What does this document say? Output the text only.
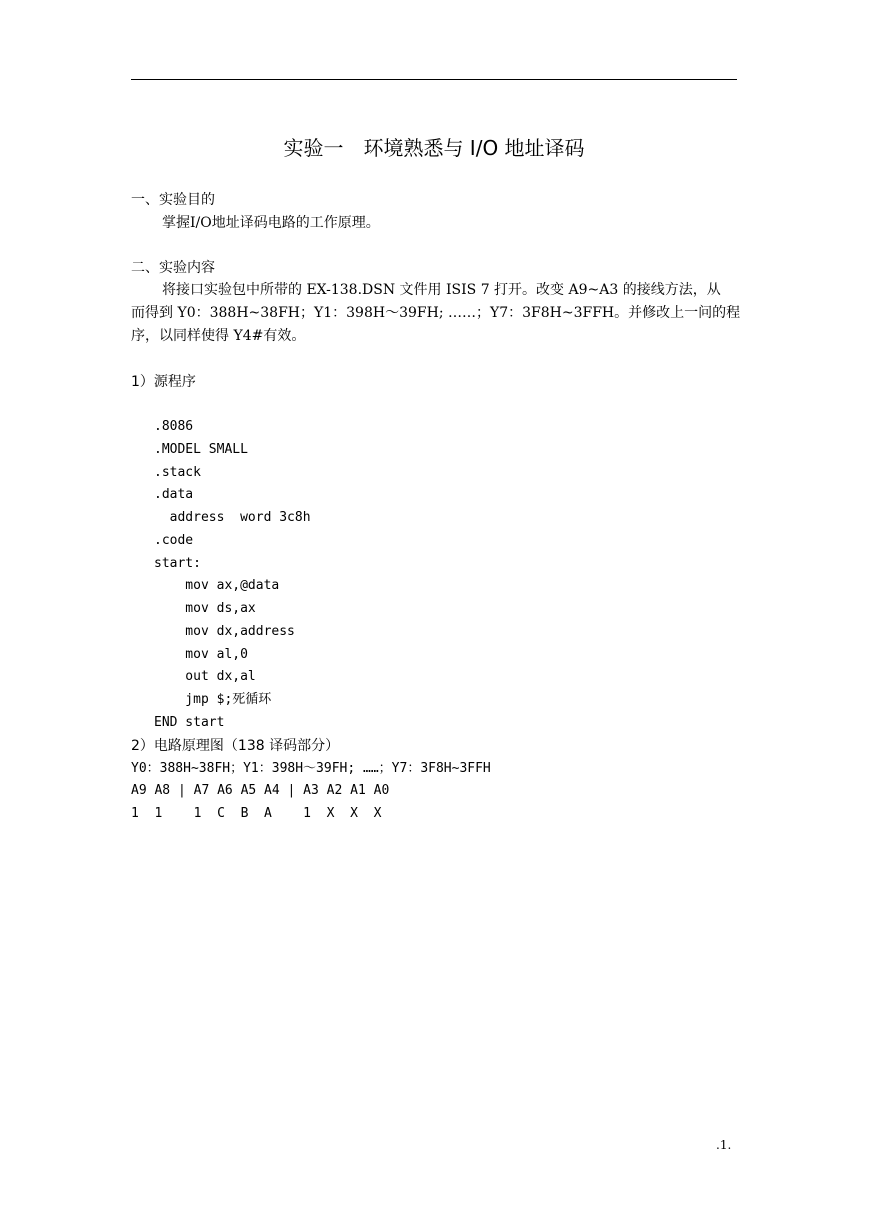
实验一　环境熟悉与 I/O 地址译码
一、实验目的
掌握I/O地址译码电路的工作原理。
二、实验内容
将接口实验包中所带的 EX-138.DSN 文件用 ISIS 7 打开。改变 A9~A3 的接线方法，从
而得到 Y0：388H~38FH；Y1：398H～39FH; ……；Y7：3F8H~3FFH。并修改上一问的程
序，以同样使得 Y4#有效。
1）源程序
.8086
.MODEL SMALL
.stack
.data
address  word 3c8h
.code
start:
mov ax,@data
mov ds,ax
mov dx,address
mov al,0
out dx,al
jmp $;死循环
END start
2）电路原理图（138 译码部分）
Y0：388H~38FH；Y1：398H～39FH; ……；Y7：3F8H~3FFH
A9 A8 | A7 A6 A5 A4 | A3 A2 A1 A0
1  1    1  C  B  A    1  X  X  X
.1.
